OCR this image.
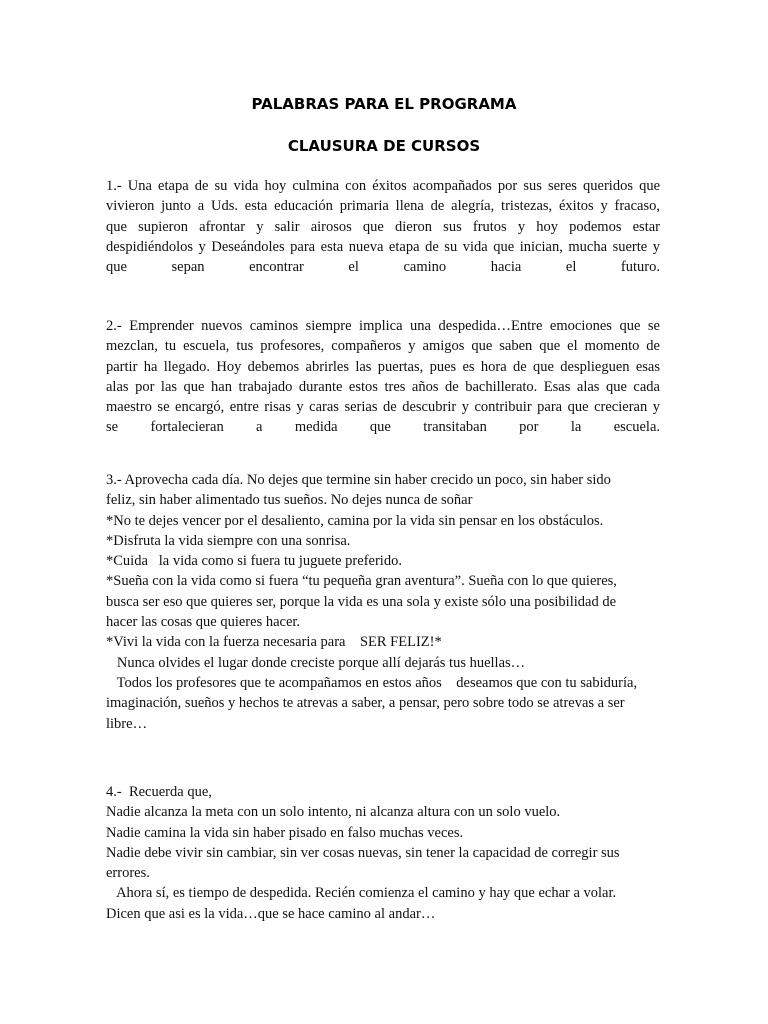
PALABRAS PARA EL PROGRAMA
CLAUSURA DE CURSOS
1.- Una etapa de su vida hoy culmina con éxitos acompañados por sus seres queridos que
vivieron junto a Uds. esta educación primaria llena de alegría, tristezas, éxitos y fracaso,
que supieron afrontar y salir airosos que dieron sus frutos y hoy podemos estar
despidiéndolos y Deseándoles para esta nueva etapa de su vida que inician, mucha suerte y
que sepan encontrar el camino hacia el futuro.
2.- Emprender nuevos caminos siempre implica una despedida…Entre emociones que se
mezclan, tu escuela, tus profesores, compañeros y amigos que saben que el momento de
partir ha llegado. Hoy debemos abrirles las puertas, pues es hora de que desplieguen esas
alas por las que han trabajado durante estos tres años de bachillerato. Esas alas que cada
maestro se encargó, entre risas y caras serias de descubrir y contribuir para que crecieran y
se fortalecieran a medida que transitaban por la escuela.
3.- Aprovecha cada día. No dejes que termine sin haber crecido un poco, sin haber sido
feliz, sin haber alimentado tus sueños. No dejes nunca de soñar
*No te dejes vencer por el desaliento, camina por la vida sin pensar en los obstáculos.
*Disfruta la vida siempre con una sonrisa.
*Cuida   la vida como si fuera tu juguete preferido.
*Sueña con la vida como si fuera “tu pequeña gran aventura”. Sueña con lo que quieres,
busca ser eso que quieres ser, porque la vida es una sola y existe sólo una posibilidad de
hacer las cosas que quieres hacer.
*Vivi la vida con la fuerza necesaria para    SER FELIZ!*
Nunca olvides el lugar donde creciste porque allí dejarás tus huellas…
Todos los profesores que te acompañamos en estos años    deseamos que con tu sabiduría,
imaginación, sueños y hechos te atrevas a saber, a pensar, pero sobre todo se atrevas a ser
libre…
4.-  Recuerda que,
Nadie alcanza la meta con un solo intento, ni alcanza altura con un solo vuelo.
Nadie camina la vida sin haber pisado en falso muchas veces.
Nadie debe vivir sin cambiar, sin ver cosas nuevas, sin tener la capacidad de corregir sus
errores.
Ahora sí, es tiempo de despedida. Recién comienza el camino y hay que echar a volar.
Dicen que asi es la vida…que se hace camino al andar…
